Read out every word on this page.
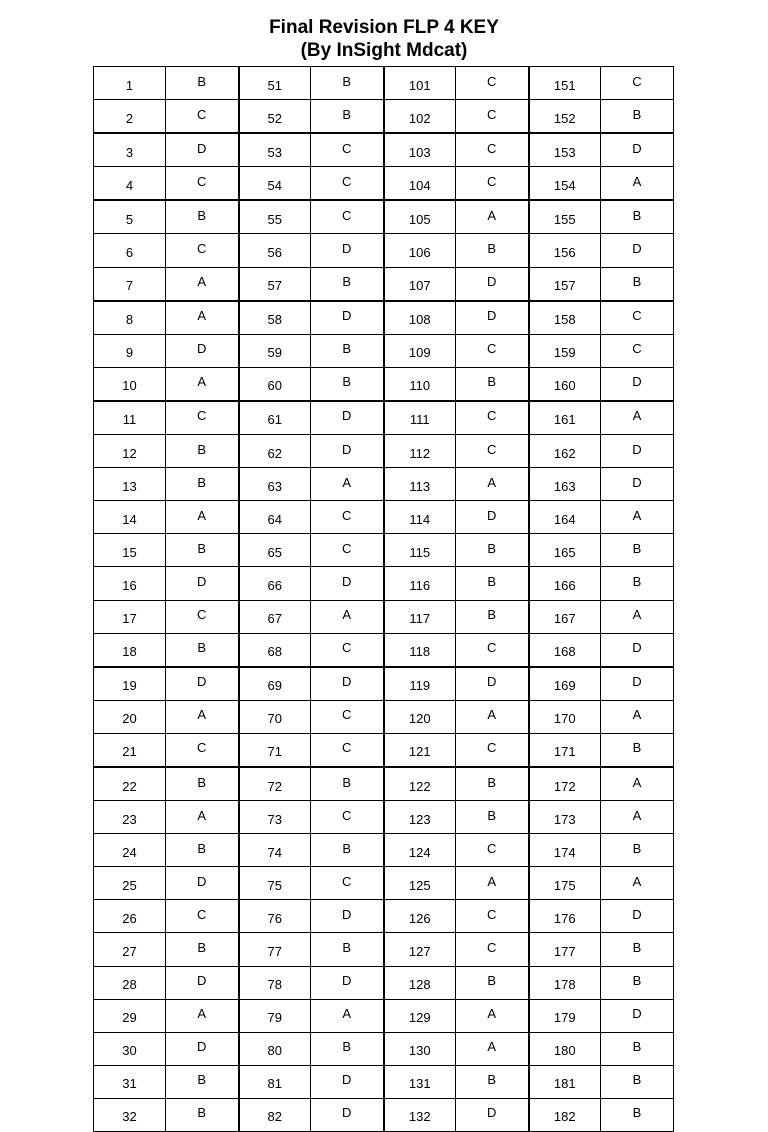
Final Revision FLP 4 KEY
(By InSight Mdcat)
1	B	51	B	101	C	151	C
2	C	52	B	102	C	152	B
3	D	53	C	103	C	153	D
4	C	54	C	104	C	154	A
5	B	55	C	105	A	155	B
6	C	56	D	106	B	156	D
7	A	57	B	107	D	157	B
8	A	58	D	108	D	158	C
9	D	59	B	109	C	159	C
10	A	60	B	110	B	160	D
11	C	61	D	111	C	161	A
12	B	62	D	112	C	162	D
13	B	63	A	113	A	163	D
14	A	64	C	114	D	164	A
15	B	65	C	115	B	165	B
16	D	66	D	116	B	166	B
17	C	67	A	117	B	167	A
18	B	68	C	118	C	168	D
19	D	69	D	119	D	169	D
20	A	70	C	120	A	170	A
21	C	71	C	121	C	171	B
22	B	72	B	122	B	172	A
23	A	73	C	123	B	173	A
24	B	74	B	124	C	174	B
25	D	75	C	125	A	175	A
26	C	76	D	126	C	176	D
27	B	77	B	127	C	177	B
28	D	78	D	128	B	178	B
29	A	79	A	129	A	179	D
30	D	80	B	130	A	180	B
31	B	81	D	131	B	181	B
32	B	82	D	132	D	182	B
